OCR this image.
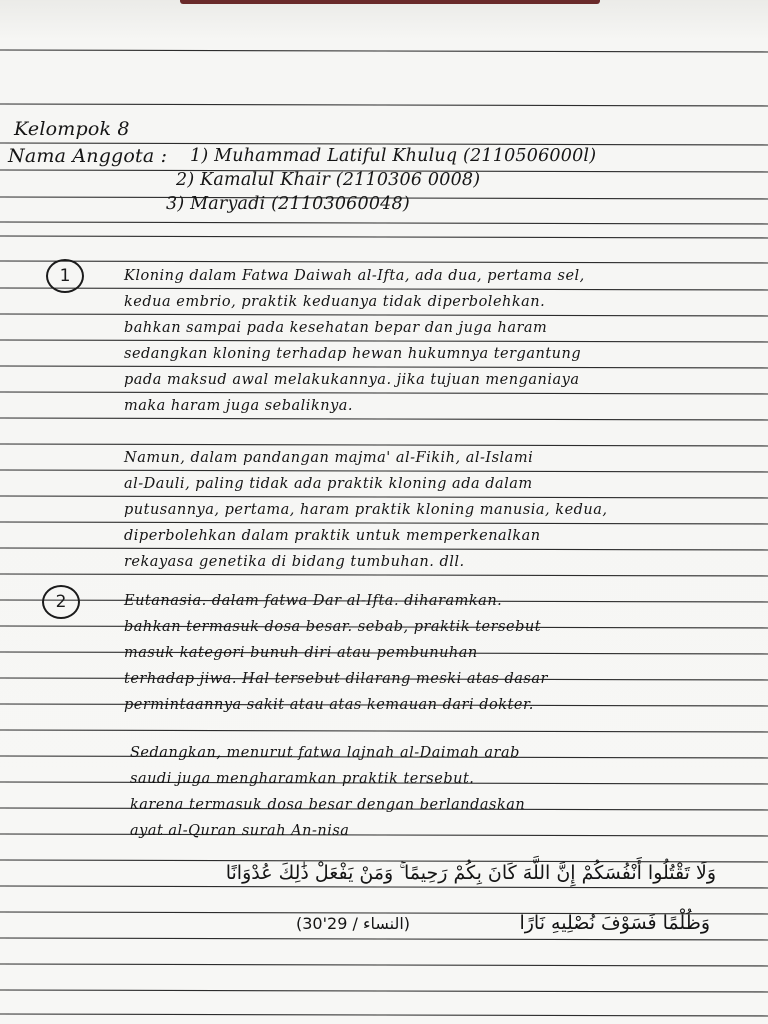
Kelompok 8
Nama Anggota : 1) Muhammad Latiful Khuluq (2110506000l)
2) Kamalul Khair (2110306 0008)
3) Maryadi (21103060048)
1	Kloning dalam Fatwa Daiwah al-Ifta, ada dua, pertama sel,
kedua embrio, praktik keduanya tidak diperbolehkan.
bahkan sampai pada kesehatan bepar dan juga haram
sedangkan kloning terhadap hewan hukumnya tergantung
pada maksud awal melakukannya. jika tujuan menganiaya
maka haram juga sebaliknya.
Namun, dalam pandangan majma' al-Fikih, al-Islami
al-Dauli, paling tidak ada praktik kloning ada dalam
putusannya, pertama, haram praktik kloning manusia, kedua,
diperbolehkan dalam praktik untuk memperkenalkan
rekayasa genetika di bidang tumbuhan. dll.
2	Eutanasia. dalam fatwa Dar al-Ifta. diharamkan.
bahkan termasuk dosa besar. sebab, praktik tersebut
masuk kategori bunuh diri atau pembunuhan
terhadap jiwa. Hal tersebut dilarang meski atas dasar
permintaannya sakit atau atas kemauan dari dokter.
Sedangkan, menurut fatwa lajnah al-Daimah arab
saudi juga mengharamkan praktik tersebut.
karena termasuk dosa besar dengan berlandaskan
ayat al-Quran surah An-nisa
وَلَا تَقْتُلُوا أَنْفُسَكُمْ إِنَّ اللَّهَ كَانَ بِكُمْ رَحِيمًا ۚ وَمَنْ يَفْعَلْ ذَٰلِكَ عُدْوَانًا
وَظُلْمًا فَسَوْفَ نُصْلِيهِ نَارًا
(النساء / 29'30)
